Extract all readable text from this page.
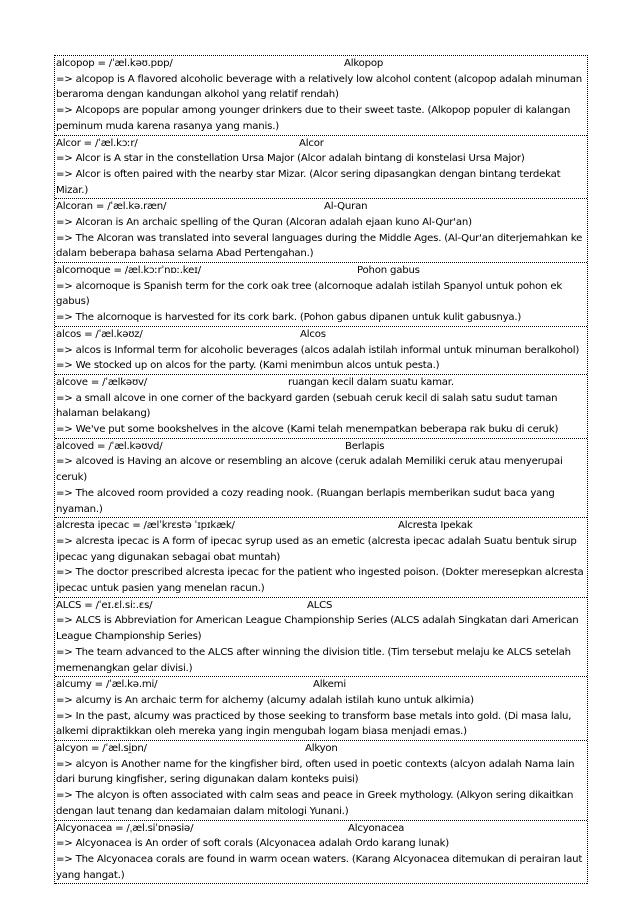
alcopop = /ˈæl.kəʊ.pɒp/	Alkopop
=> alcopop is A flavored alcoholic beverage with a relatively low alcohol content (alcopop adalah minuman beraroma dengan kandungan alkohol yang relatif rendah)
=> Alcopops are popular among younger drinkers due to their sweet taste. (Alkopop populer di kalangan peminum muda karena rasanya yang manis.)
Alcor = /ˈæl.kɔːr/	Alcor
=> Alcor is A star in the constellation Ursa Major (Alcor adalah bintang di konstelasi Ursa Major)
=> Alcor is often paired with the nearby star Mizar. (Alcor sering dipasangkan dengan bintang terdekat Mizar.)
Alcoran = /ˈæl.kə.ræn/	Al-Quran
=> Alcoran is An archaic spelling of the Quran (Alcoran adalah ejaan kuno Al-Qur'an)
=> The Alcoran was translated into several languages during the Middle Ages. (Al-Qur'an diterjemahkan ke dalam beberapa bahasa selama Abad Pertengahan.)
alcornoque = /æl.kɔːrˈnɒː.keɪ/	Pohon gabus
=> alcornoque is Spanish term for the cork oak tree (alcornoque adalah istilah Spanyol untuk pohon ek gabus)
=> The alcornoque is harvested for its cork bark. (Pohon gabus dipanen untuk kulit gabusnya.)
alcos = /ˈæl.kəʊz/	Alcos
=> alcos is Informal term for alcoholic beverages (alcos adalah istilah informal untuk minuman beralkohol)
=> We stocked up on alcos for the party. (Kami menimbun alcos untuk pesta.)
alcove = /ˈælkəʊv/	ruangan kecil dalam suatu kamar.
=> a small alcove in one corner of the backyard garden (sebuah ceruk kecil di salah satu sudut taman halaman belakang)
=> We've put some bookshelves in the alcove (Kami telah menempatkan beberapa rak buku di ceruk)
alcoved = /ˈæl.kəʊvd/	Berlapis
=> alcoved is Having an alcove or resembling an alcove (ceruk adalah Memiliki ceruk atau menyerupai ceruk)
=> The alcoved room provided a cozy reading nook. (Ruangan berlapis memberikan sudut baca yang nyaman.)
alcresta ipecac = /ælˈkrɛstə ˈɪpɪkæk/	Alcresta Ipekak
=> alcresta ipecac is A form of ipecac syrup used as an emetic (alcresta ipecac adalah Suatu bentuk sirup ipecac yang digunakan sebagai obat muntah)
=> The doctor prescribed alcresta ipecac for the patient who ingested poison. (Dokter meresepkan alcresta ipecac untuk pasien yang menelan racun.)
ALCS = /ˈeɪ.ɛl.siː.ɛs/	ALCS
=> ALCS is Abbreviation for American League Championship Series (ALCS adalah Singkatan dari American League Championship Series)
=> The team advanced to the ALCS after winning the division title. (Tim tersebut melaju ke ALCS setelah memenangkan gelar divisi.)
alcumy = /ˈæl.kə.mi/	Alkemi
=> alcumy is An archaic term for alchemy (alcumy adalah istilah kuno untuk alkimia)
=> In the past, alcumy was practiced by those seeking to transform base metals into gold. (Di masa lalu, alkemi dipraktikkan oleh mereka yang ingin mengubah logam biasa menjadi emas.)
alcyon = /ˈæl.si̯ɒn/	Alkyon
=> alcyon is Another name for the kingfisher bird, often used in poetic contexts (alcyon adalah Nama lain dari burung kingfisher, sering digunakan dalam konteks puisi)
=> The alcyon is often associated with calm seas and peace in Greek mythology. (Alkyon sering dikaitkan dengan laut tenang dan kedamaian dalam mitologi Yunani.)
Alcyonacea = /ˌæl.siˈɒnəsiə/	Alcyonacea
=> Alcyonacea is An order of soft corals (Alcyonacea adalah Ordo karang lunak)
=> The Alcyonacea corals are found in warm ocean waters. (Karang Alcyonacea ditemukan di perairan laut yang hangat.)
